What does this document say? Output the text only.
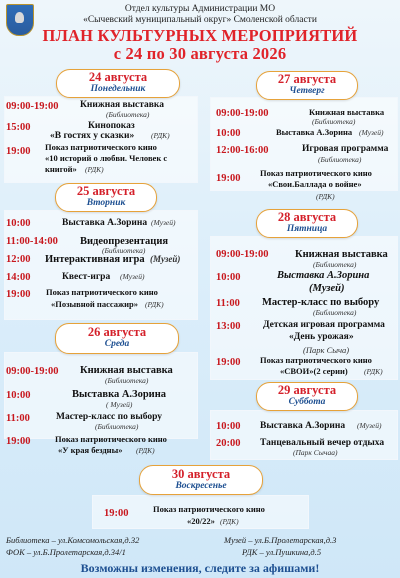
Отдел культуры Администрации МО
«Сычевский муниципальный округ» Смоленской области
ПЛАН КУЛЬТУРНЫХ МЕРОПРИЯТИЙ
с 24 по 30 августа 2026
24 августа
Понедельник
27 августа
Четверг
25 августа
Вторник
28 августа
Пятница
26 августа
Среда
29 августа
Суббота
30 августа
Воскресенье
09:00-19:00 Книжная выставка
(Библиотека)
15:00	Кинопоказ
«В гостях у сказки» (РДК)
19:00 Показ патриотического кино
«10 историй о любви. Человек с
книгой» (РДК)
10:00	Выставка А.Зорина (Музей)
11:00-14:00 Видеопрезентация
(Библиотека)
12:00 Интерактивная игра (Музей)
14:00	Квест-игра (Музей)
19:00 Показ патриотического кино
«Позывной пассажир» (РДК)
09:00-19:00 Книжная выставка
(Библиотека)
10:00	Выставка А.Зорина
( Музей)
11:00	Мастер-класс по выбору
(Библиотека)
19:00	Показ патриотического кино
«У края бездны» (РДК)
09:00-19:00	Книжная выставка
(Библиотека)
10:00	Выставка А.Зорина (Музей)
12:00-16:00	Игровая программа
(Библиотека)
19:00 Показ патриотического кино
«Свои.Баллада о войне»
(РДК)
09:00-19:00	Книжная выставка
(Библиотека)
10:00	Выставка А.Зорина
(Музей)
11:00 Мастер-класс по выбору
(Библиотека)
13:00 Детская игровая программа
«День урожая»
(Парк Сыча)
19:00 Показ патриотического кино
«СВОИ»(2 серии) (РДК)
10:00 Выставка А.Зорина (Музей)
20:00 Танцевальный вечер отдыха
(Парк Сычаа)
19:00	Показ патриотического кино
«20/22» (РДК)
Библиотека – ул.Комсомольская,д.32
ФОК – ул.Б.Пролетарская,д.34/1
Музей – ул.Б.Пролетарская,д.3
РДК – ул.Пушкина,д.5
Возможны изменения, следите за афишами!
